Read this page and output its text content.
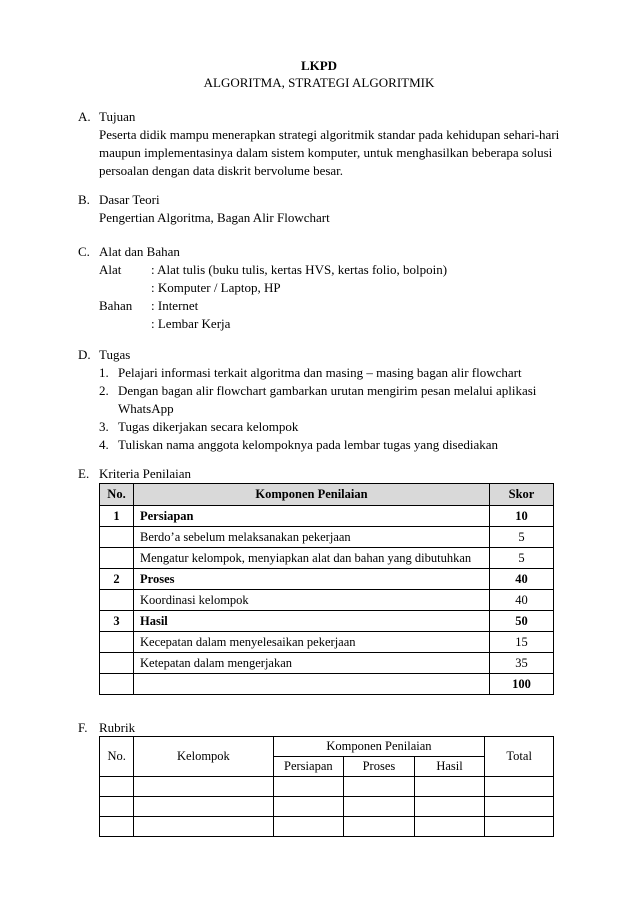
LKPD
ALGORITMA, STRATEGI ALGORITMIK
A. Tujuan
Peserta didik mampu menerapkan strategi algoritmik standar pada kehidupan sehari-hari
maupun implementasinya dalam sistem komputer, untuk menghasilkan beberapa solusi
persoalan dengan data diskrit bervolume besar.
B. Dasar Teori
Pengertian Algoritma, Bagan Alir Flowchart
C. Alat dan Bahan
Alat : Alat tulis (buku tulis, kertas HVS, kertas folio, bolpoin)
: Komputer / Laptop, HP
Bahan : Internet
: Lembar Kerja
D. Tugas
1. Pelajari informasi terkait algoritma dan masing – masing bagan alir flowchart
2. Dengan bagan alir flowchart gambarkan urutan mengirim pesan melalui aplikasi
WhatsApp
3. Tugas dikerjakan secara kelompok
4. Tuliskan nama anggota kelompoknya pada lembar tugas yang disediakan
E. Kriteria Penilaian
No.	Komponen Penilaian	Skor
1	Persiapan	10
	Berdo’a sebelum melaksanakan pekerjaan	5
	Mengatur kelompok, menyiapkan alat dan bahan yang dibutuhkan	5
2	Proses	40
	Koordinasi kelompok	40
3	Hasil	50
	Kecepatan dalam menyelesaikan pekerjaan	15
	Ketepatan dalam mengerjakan	35
		100
F. Rubrik
No.	Kelompok	Komponen Penilaian			Total
		Persiapan	Proses	Hasil	
